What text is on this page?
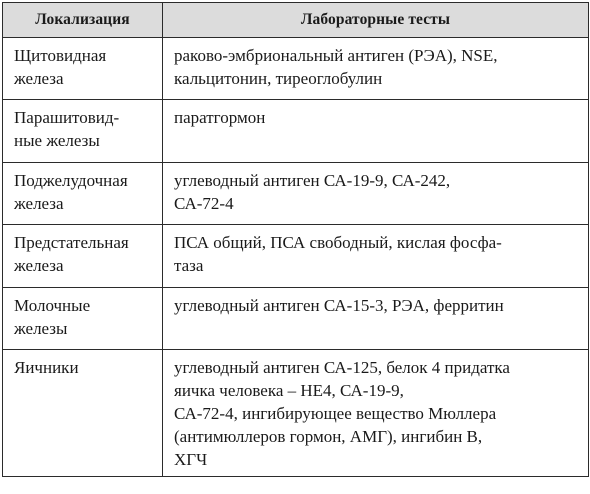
Локализация	Лабораторные тесты

Щитовидная
железа	раково-эмбриональный антиген (РЭА), NSE,
кальцитонин, тиреоглобулин

Парашитовид-
ные железы	паратгормон

Поджелудочная
железа	углеводный антиген СА-19-9, СА-242,
СА-72-4

Предстательная
железа	ПСА общий, ПСА свободный, кислая фосфа-
таза

Молочные
железы	углеводный антиген СА-15-3, РЭА, ферритин

Яичники	углеводный антиген СА-125, белок 4 придатка
яичка человека – НЕ4, СА-19-9,
СА-72-4, ингибирующее вещество Мюллера
(антимюллеров гормон, АМГ), ингибин В,
ХГЧ
